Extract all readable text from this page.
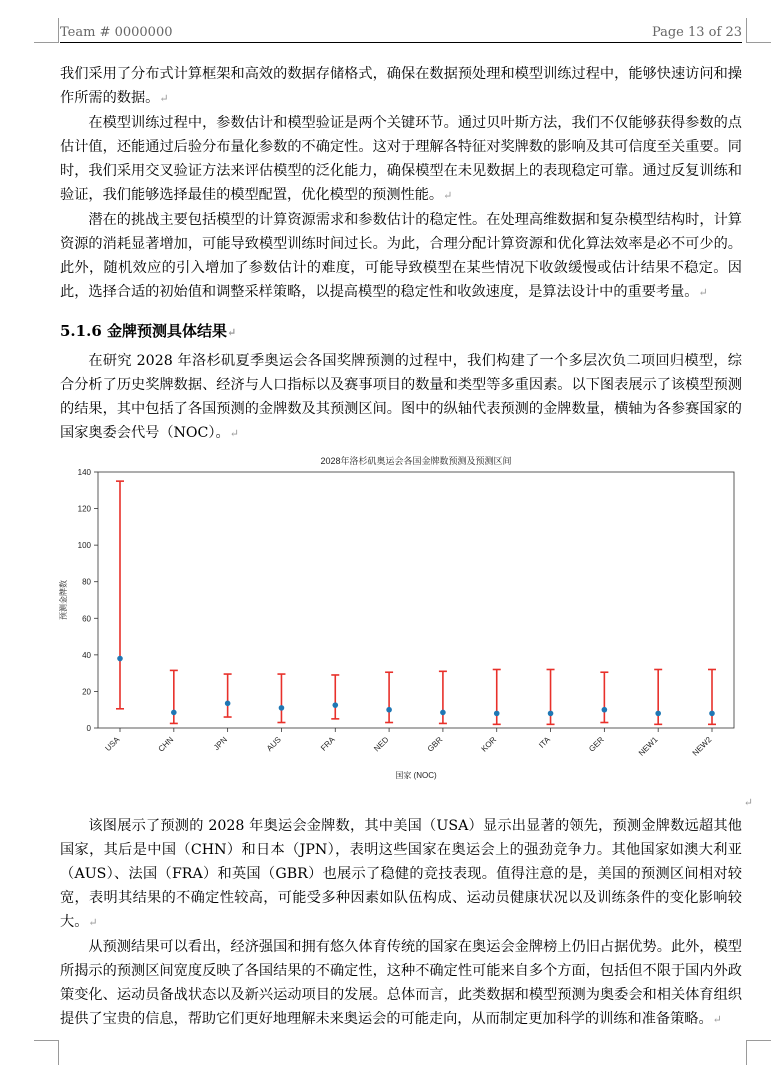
Team # 0000000	Page 13 of 23

我们采用了分布式计算框架和高效的数据存储格式，确保在数据预处理和模型训练过程中，能够快速访问和操作所需的数据。↵

在模型训练过程中，参数估计和模型验证是两个关键环节。通过贝叶斯方法，我们不仅能够获得参数的点估计值，还能通过后验分布量化参数的不确定性。这对于理解各特征对奖牌数的影响及其可信度至关重要。同时，我们采用交叉验证方法来评估模型的泛化能力，确保模型在未见数据上的表现稳定可靠。通过反复训练和验证，我们能够选择最佳的模型配置，优化模型的预测性能。↵

潜在的挑战主要包括模型的计算资源需求和参数估计的稳定性。在处理高维数据和复杂模型结构时，计算资源的消耗显著增加，可能导致模型训练时间过长。为此，合理分配计算资源和优化算法效率是必不可少的。此外，随机效应的引入增加了参数估计的难度，可能导致模型在某些情况下收敛缓慢或估计结果不稳定。因此，选择合适的初始值和调整采样策略，以提高模型的稳定性和收敛速度，是算法设计中的重要考量。↵

5.1.6 金牌预测具体结果↵

在研究 2028 年洛杉矶夏季奥运会各国奖牌预测的过程中，我们构建了一个多层次负二项回归模型，综合分析了历史奖牌数据、经济与人口指标以及赛事项目的数量和类型等多重因素。以下图表展示了该模型预测的结果，其中包括了各国预测的金牌数及其预测区间。图中的纵轴代表预测的金牌数量，横轴为各参赛国家的国家奥委会代号（NOC）。↵

2028年洛杉矶奥运会各国金牌数预测及预测区间
0
20
40
60
80
100
120
140
预测金牌数
USA	CHN	JPN	AUS	FRA	NED	GBR	KOR	ITA	GER	NEW1	NEW2
国家 (NOC)
↵

该图展示了预测的 2028 年奥运会金牌数，其中美国（USA）显示出显著的领先，预测金牌数远超其他国家，其后是中国（CHN）和日本（JPN），表明这些国家在奥运会上的强劲竞争力。其他国家如澳大利亚（AUS）、法国（FRA）和英国（GBR）也展示了稳健的竞技表现。值得注意的是，美国的预测区间相对较宽，表明其结果的不确定性较高，可能受多种因素如队伍构成、运动员健康状况以及训练条件的变化影响较大。↵

从预测结果可以看出，经济强国和拥有悠久体育传统的国家在奥运会金牌榜上仍旧占据优势。此外，模型所揭示的预测区间宽度反映了各国结果的不确定性，这种不确定性可能来自多个方面，包括但不限于国内外政策变化、运动员备战状态以及新兴运动项目的发展。总体而言，此类数据和模型预测为奥委会和相关体育组织提供了宝贵的信息，帮助它们更好地理解未来奥运会的可能走向，从而制定更加科学的训练和准备策略。↵
